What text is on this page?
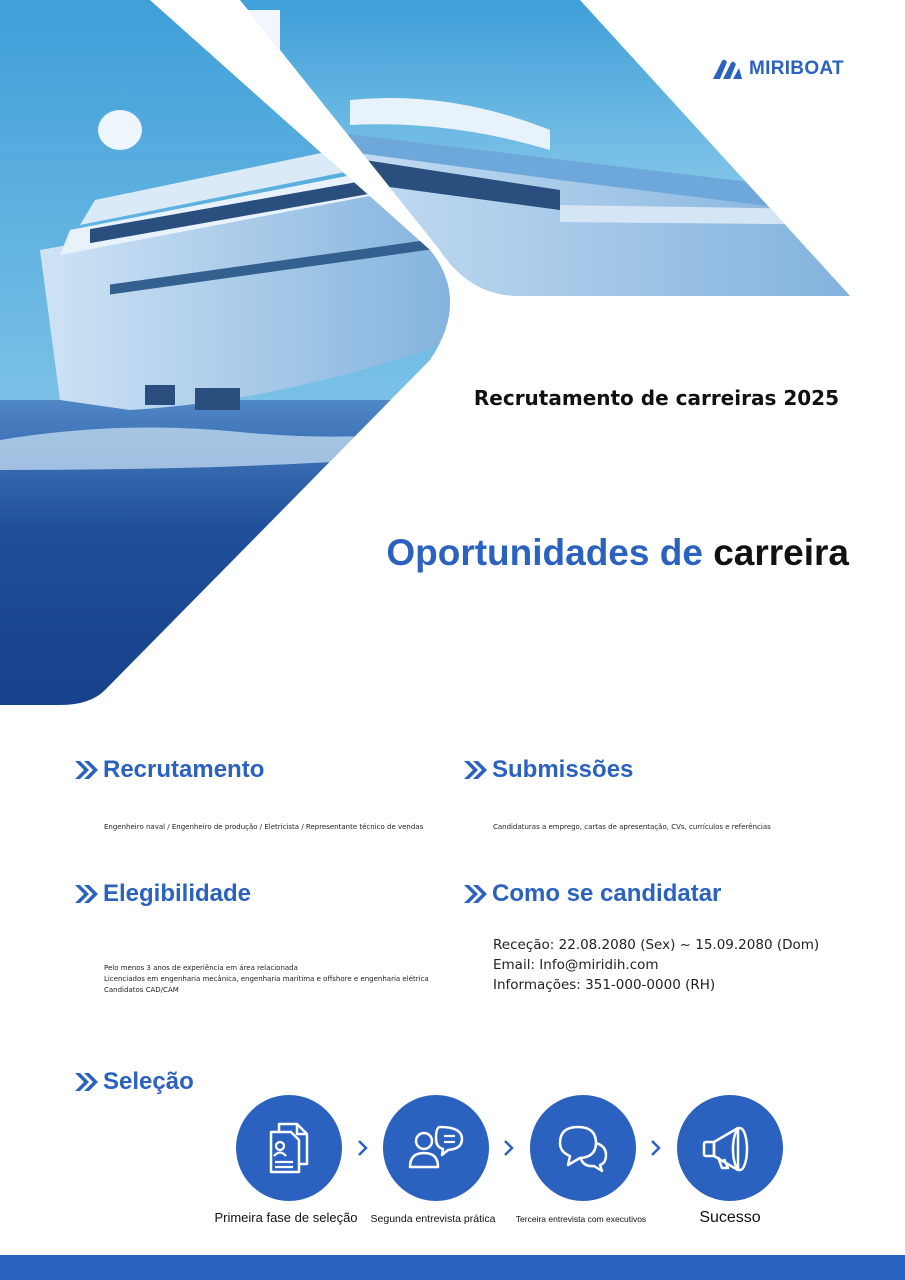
MIRIBOAT
Recrutamento de carreiras 2025
Oportunidades de carreira
Recrutamento
Engenheiro naval / Engenheiro de produção / Eletricista / Representante técnico de vendas
Submissões
Candidaturas a emprego, cartas de apresentação, CVs, currículos e referências
Elegibilidade
Pelo menos 3 anos de experiência em área relacionada
Licenciados em engenharia mecânica, engenharia marítima e offshore e engenharia elétrica
Candidatos CAD/CAM
Como se candidatar
Receção: 22.08.2080 (Sex) ~ 15.09.2080 (Dom)
Email: Info@miridih.com
Informações: 351-000-0000 (RH)
Seleção
Primeira fase de seleção	Segunda entrevista prática	Terceira entrevista com executivos	Sucesso
